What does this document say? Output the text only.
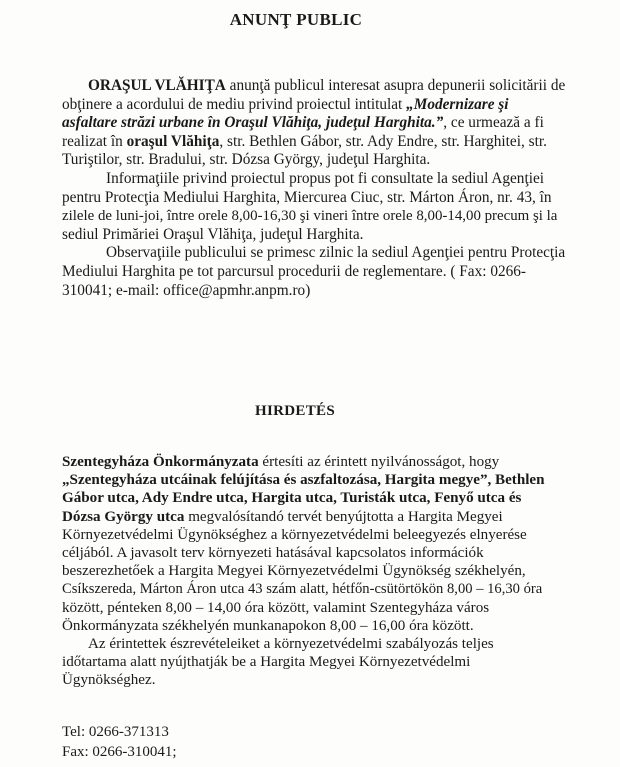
ANUNŢ PUBLIC
ORAŞUL VLĂHIŢA anunţă publicul interesat asupra depunerii solicitării de
obţinere a acordului de mediu privind proiectul intitulat „Modernizare şi
asfaltare străzi urbane în Oraşul Vlăhiţa, judeţul Harghita.”, ce urmează a fi
realizat în oraşul Vlăhiţa, str. Bethlen Gábor, str. Ady Endre, str. Harghitei, str.
Turiştilor, str. Bradului, str. Dózsa György, judeţul Harghita.
Informaţiile privind proiectul propus pot fi consultate la sediul Agenţiei
pentru Protecţia Mediului Harghita, Miercurea Ciuc, str. Márton Áron, nr. 43, în
zilele de luni-joi, între orele 8,00-16,30 şi vineri între orele 8,00-14,00 precum şi la
sediul Primăriei Oraşul Vlăhiţa, judeţul Harghita.
Observaţiile publicului se primesc zilnic la sediul Agenţiei pentru Protecţia
Mediului Harghita pe tot parcursul procedurii de reglementare. ( Fax: 0266-
310041; e-mail: office@apmhr.anpm.ro)
HIRDETÉS
Szentegyháza Önkormányzata értesíti az érintett nyilvánosságot, hogy
„Szentegyháza utcáinak felújítása és aszfaltozása, Hargita megye”, Bethlen
Gábor utca, Ady Endre utca, Hargita utca, Turisták utca, Fenyő utca és
Dózsa György utca megvalósítandó tervét benyújtotta a Hargita Megyei
Környezetvédelmi Ügynökséghez a környezetvédelmi beleegyezés elnyerése
céljából. A javasolt terv környezeti hatásával kapcsolatos információk
beszerezhetőek a Hargita Megyei Környezetvédelmi Ügynökség székhelyén,
Csíkszereda, Márton Áron utca 43 szám alatt, hétfőn-csütörtökön 8,00 – 16,30 óra
között, pénteken 8,00 – 14,00 óra között, valamint Szentegyháza város
Önkormányzata székhelyén munkanapokon 8,00 – 16,00 óra között.
Az érintettek észrevételeiket a környezetvédelmi szabályozás teljes
időtartama alatt nyújthatják be a Hargita Megyei Környezetvédelmi
Ügynökséghez.
Tel: 0266-371313
Fax: 0266-310041;
